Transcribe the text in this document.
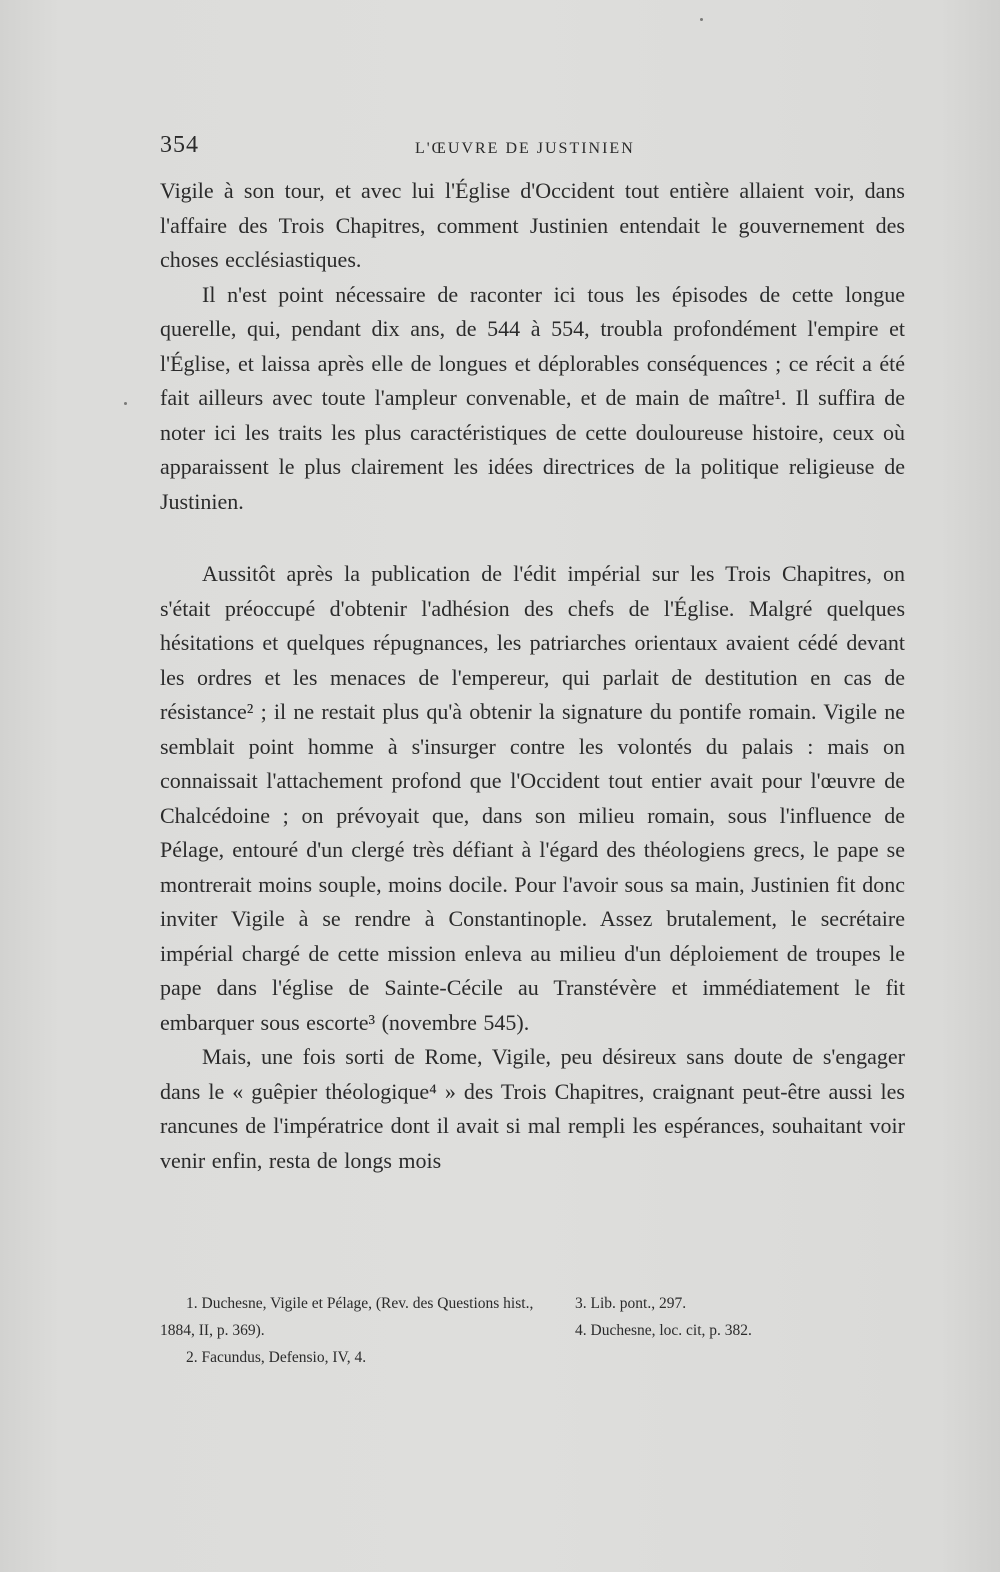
354	L'ŒUVRE DE JUSTINIEN

Vigile à son tour, et avec lui l'Église d'Occident tout entière allaient voir, dans l'affaire des Trois Chapitres, comment Justinien entendait le gouvernement des choses ecclésiastiques.

Il n'est point nécessaire de raconter ici tous les épisodes de cette longue querelle, qui, pendant dix ans, de 544 à 554, troubla profondément l'empire et l'Église, et laissa après elle de longues et déplorables conséquences ; ce récit a été fait ailleurs avec toute l'ampleur convenable, et de main de maître¹. Il suffira de noter ici les traits les plus caractéristiques de cette douloureuse histoire, ceux où apparaissent le plus clairement les idées directrices de la politique religieuse de Justinien.

Aussitôt après la publication de l'édit impérial sur les Trois Chapitres, on s'était préoccupé d'obtenir l'adhésion des chefs de l'Église. Malgré quelques hésitations et quelques répugnances, les patriarches orientaux avaient cédé devant les ordres et les menaces de l'empereur, qui parlait de destitution en cas de résistance² ; il ne restait plus qu'à obtenir la signature du pontife romain. Vigile ne semblait point homme à s'insurger contre les volontés du palais : mais on connaissait l'attachement profond que l'Occident tout entier avait pour l'œuvre de Chalcédoine ; on prévoyait que, dans son milieu romain, sous l'influence de Pélage, entouré d'un clergé très défiant à l'égard des théologiens grecs, le pape se montrerait moins souple, moins docile. Pour l'avoir sous sa main, Justinien fit donc inviter Vigile à se rendre à Constantinople. Assez brutalement, le secrétaire impérial chargé de cette mission enleva au milieu d'un déploiement de troupes le pape dans l'église de Sainte-Cécile au Transtévère et immédiatement le fit embarquer sous escorte³ (novembre 545).

Mais, une fois sorti de Rome, Vigile, peu désireux sans doute de s'engager dans le « guêpier théologique⁴ » des Trois Chapitres, craignant peut-être aussi les rancunes de l'impératrice dont il avait si mal rempli les espérances, souhaitant voir venir enfin, resta de longs mois

1. Duchesne, Vigile et Pélage, (Rev. des Questions hist., 1884, II, p. 369).

2. Facundus, Defensio, IV, 4.

3. Lib. pont., 297.

4. Duchesne, loc. cit, p. 382.
